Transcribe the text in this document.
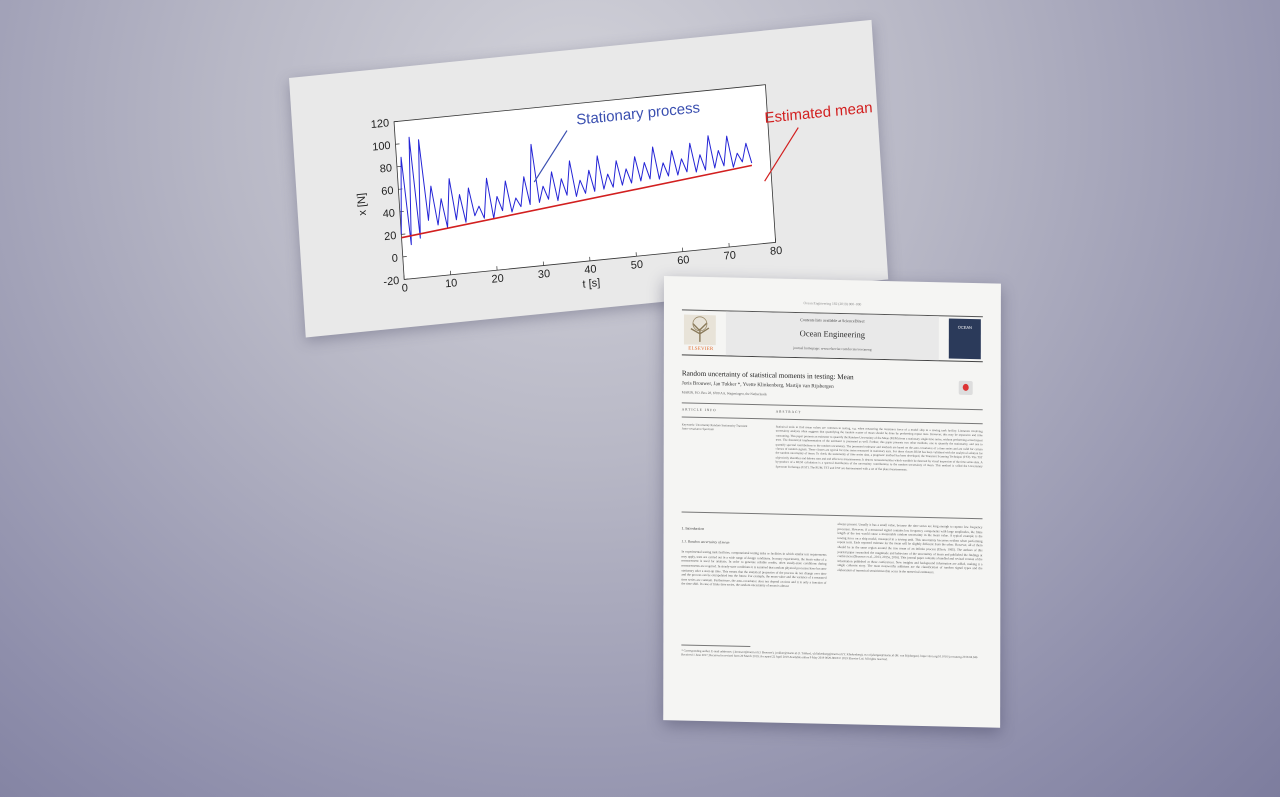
0	10	20	30	40	50	60	70	80
-20
0
20
40
60
80
100
120
t [s]
x [N]
Stationary process	Estimated mean
Ocean Engineering 182 (2019) 000–000
ELSEVIER
Contents lists available at ScienceDirect
Ocean Engineering
journal homepage: www.elsevier.com/locate/oceaneng
OCEAN
Random uncertainty of statistical moments in testing: Mean
Joris Brouwer, Jan Tukker *, Yvette Klinkenberg, Martijn van Rijsbergen
MARIN, P.O. Box 28, 6700 AA, Wageningen, the Netherlands
ARTICLE INFO	ABSTRACT
Keywords: Uncertainty Random Stationarity Transient Auto-covariance Spectrum	Statistical tools to find mean values are common in testing, e.g. when measuring the resistance force of a model ship in a towing tank facility. Literature involving uncertainty analysis often suggests that quantifying the random scatter of mean should be done by performing repeat tests. However, this may be expensive and time consuming. This paper presents an estimator to quantify the Random Uncertainty of the Mean (RUM) from a stationary single time series, without performing actual repeat tests. The theoretical implementation of the estimator is presented as well. Further, this paper presents two other methods, one to quantify the stationarity, and one to quantify spectral contributions to the random uncertainty. The presented estimator and methods are based on the auto-covariance of a time series and are valid for certain classes of random signals. These classes are typical for time series measured in stationary tests. For these classes RUM has been validated with the analytical solution for the random uncertainty of mean. To check the stationarity of time series data, a pragmatic method has been developed, the Transient Scanning Technique (TST). The TST objectively identifies and deletes start and end effects in measurements. It detects nonstationarities which wouldn't be detected by visual inspection of the time series data. A by-product of a RUM calculation is a spectral distribution of the uncertainty contributions to the random uncertainty of mean. This method is called the Uncertainty Spectrum Technique (UST). The RUM, TST and UST are demonstrated with a set of flat plate measurements.
1. Introduction
1.1. Random uncertainty of mean
In experimental testing tank facilities, computational testing tasks or facilities in which similar test requirements may apply, tests are carried out in a wide range of design conditions. In many experiments, the mean value of a measurement is used for analysis. In order to generate reliable results, often steady-state conditions during measurements are required. In steady-state conditions it is assumed that random physical processes have become stationary after a start-up time. This means that the statistical properties of the process do not change over time and the process can be extrapolated into the future. For example, the mean value and the variance of a measured time series are constant. Furthermore, the auto-covariance does not depend on time and it is only a function of the time shift. In case of finite time series, the random uncertainty of mean is almost
always present. Usually it has a small value, because the time series are long enough to capture low frequency processes. However, if a measured signal contains low frequency components with large amplitudes, the finite length of the test would cause a measurable random uncertainty in the mean value. A typical example is the towing force on a ship model, measured in a towing tank. This uncertainty becomes evident when performing repeat tests. Each repeated estimate for the mean will be slightly different from the other. However, all of them should be in the same region around the true mean of an infinite process (Elson, 1965). The authors of this journal paper researched the magnitude and behaviour of the uncertainty of mean and published the findings at conferences (Brouwer et al., 2013, 2015a, 2016). This journal paper contains a bundled and revised version of the information published at these conferences. New insights and background information are added, making it a single coherent story. The most noteworthy additions are the classification of random signal types and the elaboration of numerical sensitivities that occur in the numerical estimators.
* Corresponding author. E-mail addresses: j.brouwer@marin.nl (J. Brouwer), j.tukker@marin.nl (J. Tukker), y.klinkenberg@marin.nl (Y. Klinkenberg), m.v.rijsbergen@marin.nl (M. van Rijsbergen). https://doi.org/10.1016/j.oceaneng.2019.04.046 Received 1 June 2017; Received in revised form 20 March 2019; Accepted 22 April 2019 Available online 9 May 2019 0029-8018/© 2019 Elsevier Ltd. All rights reserved.
